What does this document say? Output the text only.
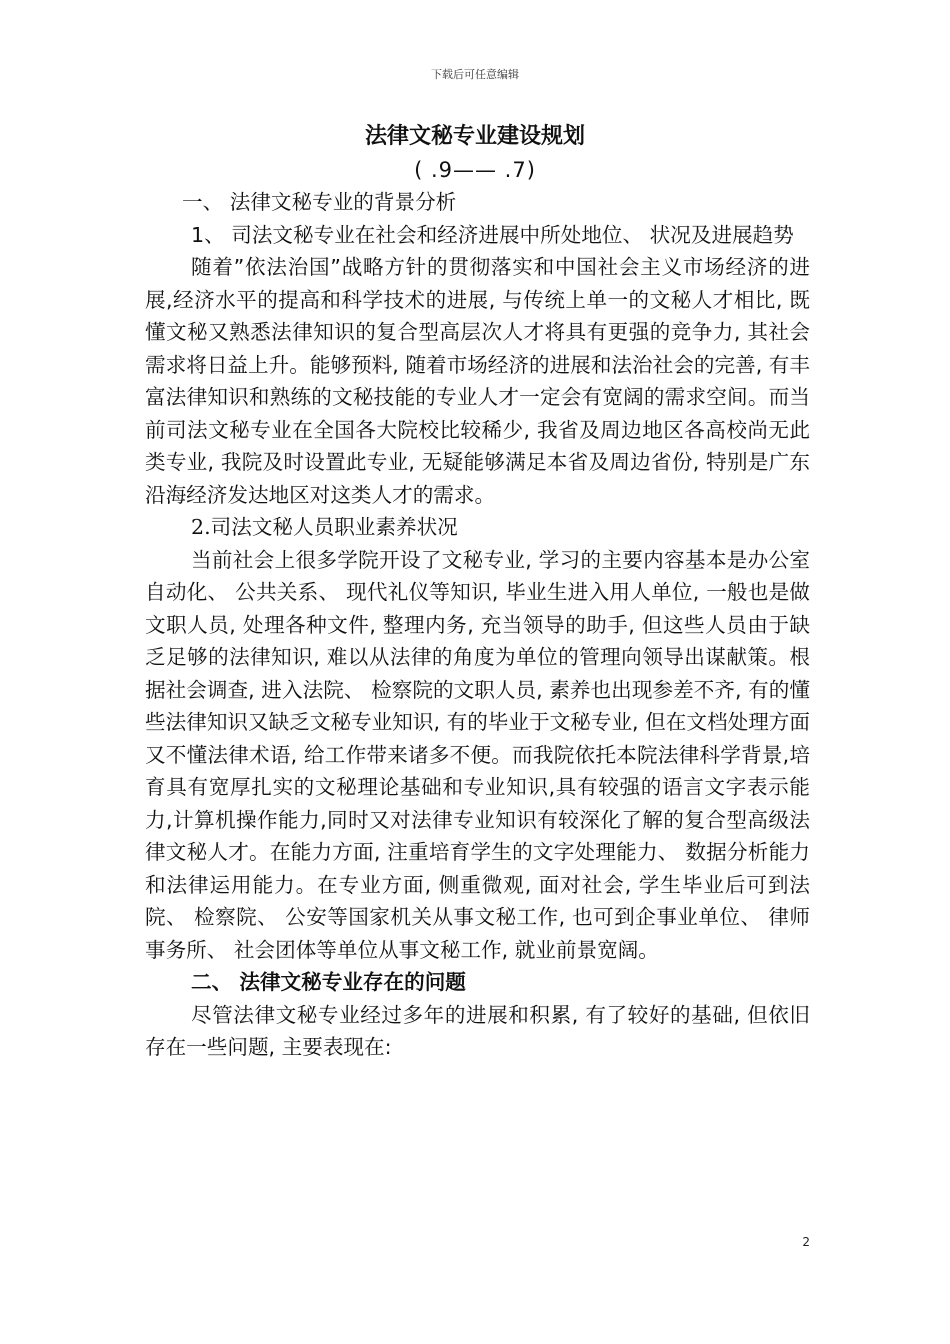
下载后可任意编辑
法律文秘专业建设规划
( .9—— .7)

一、 法律文秘专业的背景分析

1、 司法文秘专业在社会和经济进展中所处地位、 状况及进展趋势

随着”依法治国”战略方针的贯彻落实和中国社会主义市场经济的进展,经济水平的提高和科学技术的进展, 与传统上单一的文秘人才相比, 既懂文秘又熟悉法律知识的复合型高层次人才将具有更强的竞争力, 其社会需求将日益上升。能够预料, 随着市场经济的进展和法治社会的完善, 有丰富法律知识和熟练的文秘技能的专业人才一定会有宽阔的需求空间。而当前司法文秘专业在全国各大院校比较稀少, 我省及周边地区各高校尚无此类专业, 我院及时设置此专业, 无疑能够满足本省及周边省份, 特别是广东沿海经济发达地区对这类人才的需求。

2.司法文秘人员职业素养状况

当前社会上很多学院开设了文秘专业, 学习的主要内容基本是办公室自动化、 公共关系、 现代礼仪等知识, 毕业生进入用人单位, 一般也是做文职人员, 处理各种文件, 整理内务, 充当领导的助手, 但这些人员由于缺乏足够的法律知识, 难以从法律的角度为单位的管理向领导出谋献策。根据社会调查, 进入法院、 检察院的文职人员, 素养也出现参差不齐, 有的懂些法律知识又缺乏文秘专业知识, 有的毕业于文秘专业, 但在文档处理方面又不懂法律术语, 给工作带来诸多不便。而我院依托本院法律科学背景,培育具有宽厚扎实的文秘理论基础和专业知识,具有较强的语言文字表示能力,计算机操作能力,同时又对法律专业知识有较深化了解的复合型高级法律文秘人才。在能力方面, 注重培育学生的文字处理能力、 数据分析能力和法律运用能力。在专业方面, 侧重微观, 面对社会, 学生毕业后可到法院、 检察院、 公安等国家机关从事文秘工作, 也可到企事业单位、 律师事务所、 社会团体等单位从事文秘工作, 就业前景宽阔。

二、 法律文秘专业存在的问题

尽管法律文秘专业经过多年的进展和积累, 有了较好的基础, 但依旧存在一些问题, 主要表现在:

2
